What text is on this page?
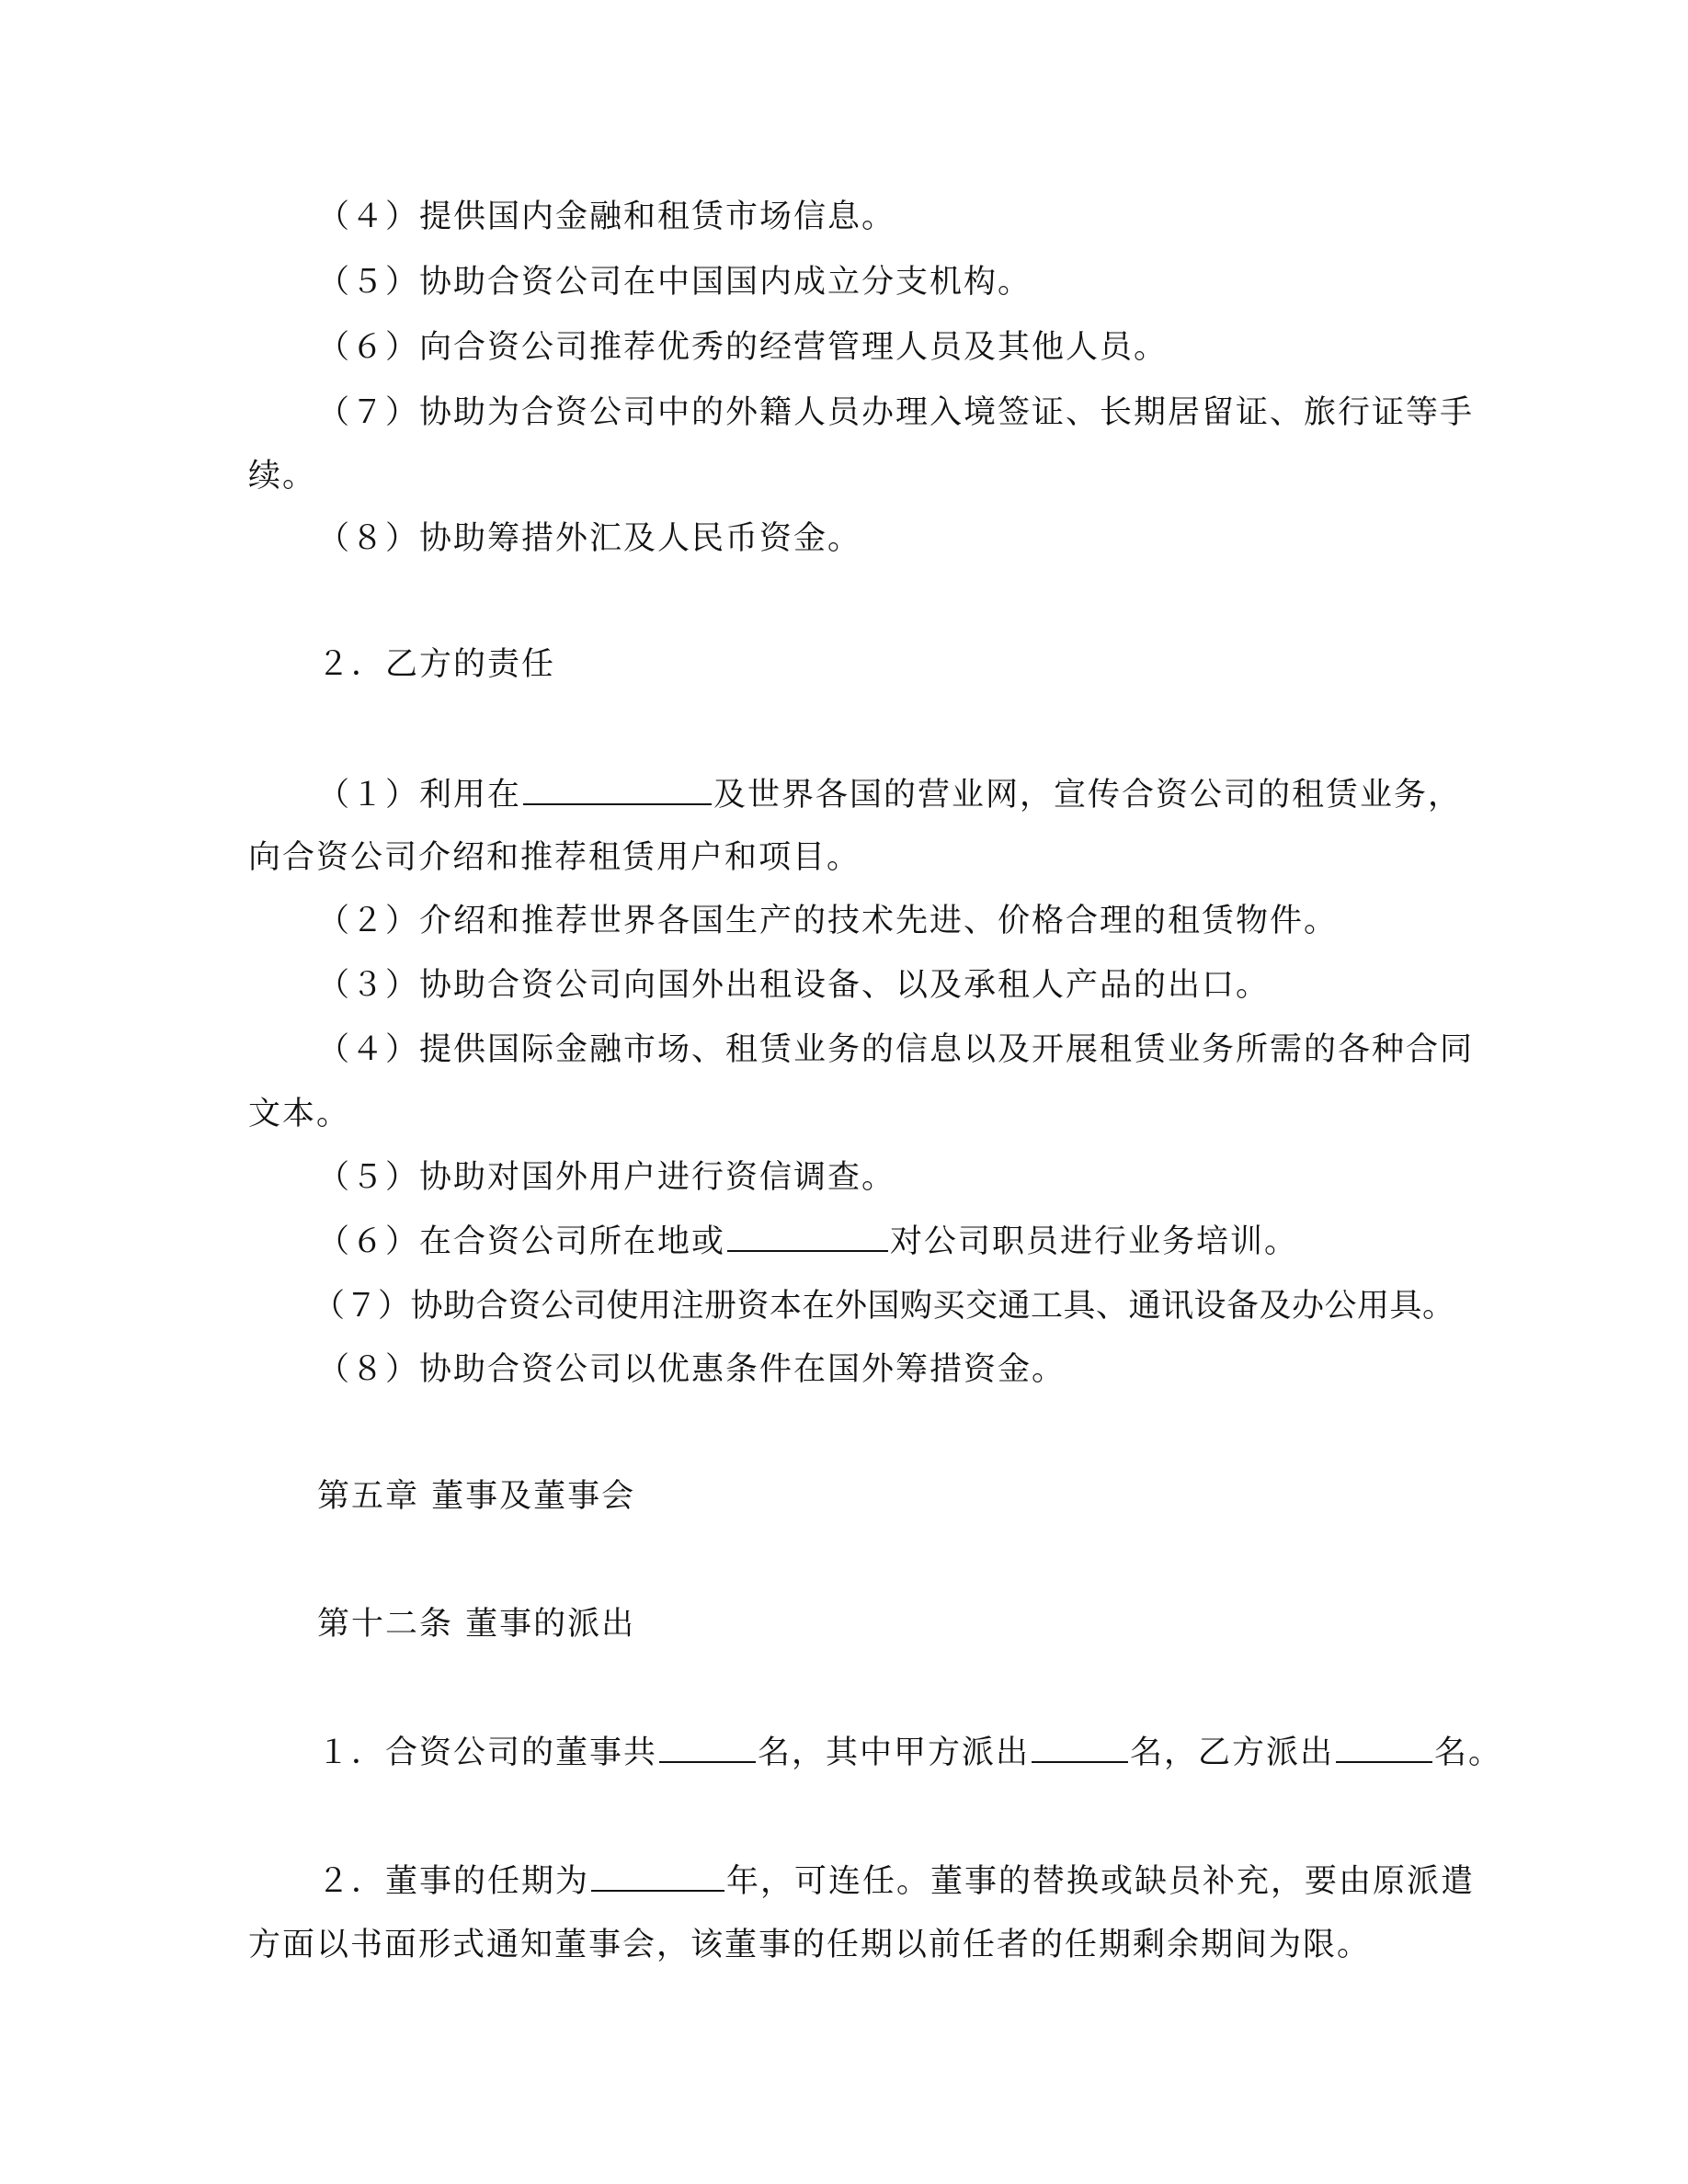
（４）提供国内金融和租赁市场信息。
（５）协助合资公司在中国国内成立分支机构。
（６）向合资公司推荐优秀的经营管理人员及其他人员。
（７）协助为合资公司中的外籍人员办理入境签证、长期居留证、旅行证等手
续。
（８）协助筹措外汇及人民币资金。
２．乙方的责任
（１）利用在	及世界各国的营业网，宣传合资公司的租赁业务，
向合资公司介绍和推荐租赁用户和项目。
（２）介绍和推荐世界各国生产的技术先进、价格合理的租赁物件。
（３）协助合资公司向国外出租设备、以及承租人产品的出口。
（４）提供国际金融市场、租赁业务的信息以及开展租赁业务所需的各种合同
文本。
（５）协助对国外用户进行资信调查。
（６）在合资公司所在地或	对公司职员进行业务培训。
（７）协助合资公司使用注册资本在外国购买交通工具、通讯设备及办公用具。
（８）协助合资公司以优惠条件在国外筹措资金。
第五章 董事及董事会
第十二条 董事的派出
１．合资公司的董事共	名，其中甲方派出	名，乙方派出	名。
２．董事的任期为	年，可连任。董事的替换或缺员补充，要由原派遣
方面以书面形式通知董事会，该董事的任期以前任者的任期剩余期间为限。
